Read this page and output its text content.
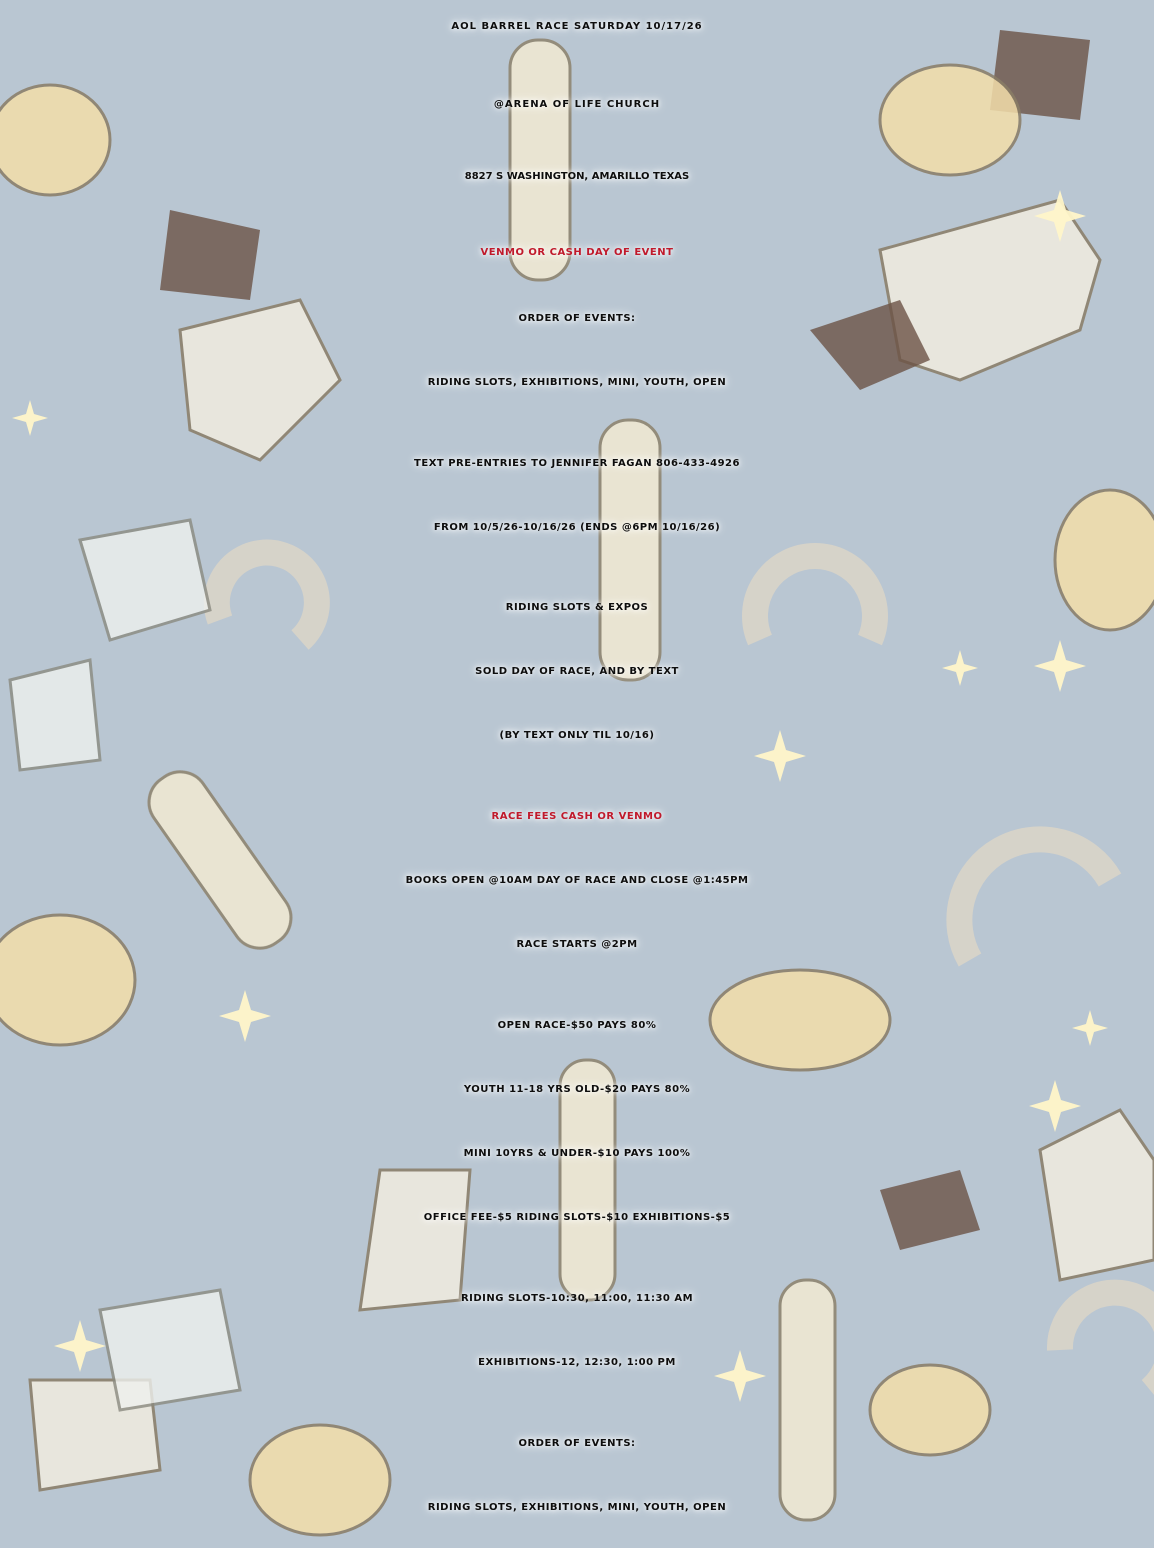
AOL BARREL RACE SATURDAY 10/17/26

@ARENA OF LIFE CHURCH

8827 S WASHINGTON, AMARILLO TEXAS

VENMO OR CASH DAY OF EVENT

ORDER OF EVENTS:

RIDING SLOTS, EXHIBITIONS, MINI, YOUTH, OPEN

TEXT PRE-ENTRIES TO JENNIFER FAGAN 806-433-4926

FROM 10/5/26-10/16/26 (ENDS @6PM 10/16/26)

RIDING SLOTS & EXPOS

SOLD DAY OF RACE, AND BY TEXT

(BY TEXT ONLY TIL 10/16)

RACE FEES CASH OR VENMO

BOOKS OPEN @10AM DAY OF RACE AND CLOSE @1:45PM

RACE STARTS @2PM

OPEN RACE-$50 PAYS 80%

YOUTH 11-18 YRS OLD-$20 PAYS 80%

MINI 10YRS & UNDER-$10 PAYS 100%

OFFICE FEE-$5 RIDING SLOTS-$10 EXHIBITIONS-$5

RIDING SLOTS-10:30, 11:00, 11:30 AM

EXHIBITIONS-12, 12:30, 1:00 PM

ORDER OF EVENTS:

RIDING SLOTS, EXHIBITIONS, MINI, YOUTH, OPEN
